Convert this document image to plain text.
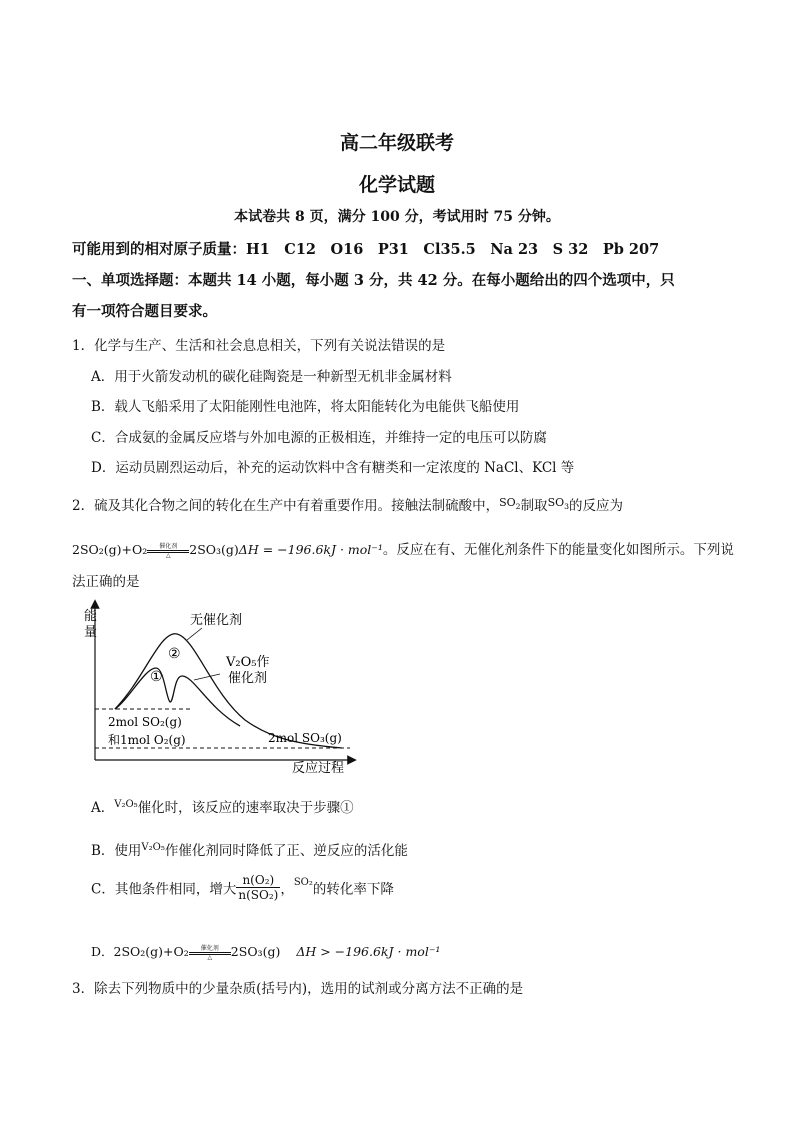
高二年级联考
化学试题
本试卷共 8 页，满分 100 分，考试用时 75 分钟。
可能用到的相对原子质量：H1　C12　O16　P31　Cl35.5　Na 23　S 32　Pb 207
一、单项选择题：本题共 14 小题，每小题 3 分，共 42 分。在每小题给出的四个选项中，只
有一项符合题目要求。
1．化学与生产、生活和社会息息相关，下列有关说法错误的是
A．用于火箭发动机的碳化硅陶瓷是一种新型无机非金属材料
B．载人飞船采用了太阳能刚性电池阵，将太阳能转化为电能供飞船使用
C．合成氨的金属反应塔与外加电源的正极相连，并维持一定的电压可以防腐
D．运动员剧烈运动后，补充的运动饮料中含有糖类和一定浓度的 NaCl、KCl 等
2．硫及其化合物之间的转化在生产中有着重要作用。接触法制硫酸中，$^{SO_2}$制取$^{SO_3}$的反应为
2SO₂(g)+O₂	催化剂
△	2SO₃(g)ΔH = −196.6kJ · mol⁻¹。反应在有、无催化剂条件下的能量变化如图所示。下列说
法正确的是
能
量
反应过程
无催化剂
V₂O₅作
催化剂
①
②
2mol SO₂(g)
和1mol O₂(g)	2mol SO₃(g)
A．$^{V_2O_5}$催化时，该反应的速率取决于步骤①
B．使用$^{V_2O_5}$作催化剂同时降低了正、逆反应的活化能
C．其他条件相同，增大 $\frac{\text{n(O₂)}}{\text{n(SO₂)}}$ ，$^{SO_2}$的转化率下降
D．2SO₂(g)+O₂	催化剂
△	2SO₃(g) ΔH > −196.6kJ · mol⁻¹
3．除去下列物质中的少量杂质(括号内)，选用的试剂或分离方法不正确的是
